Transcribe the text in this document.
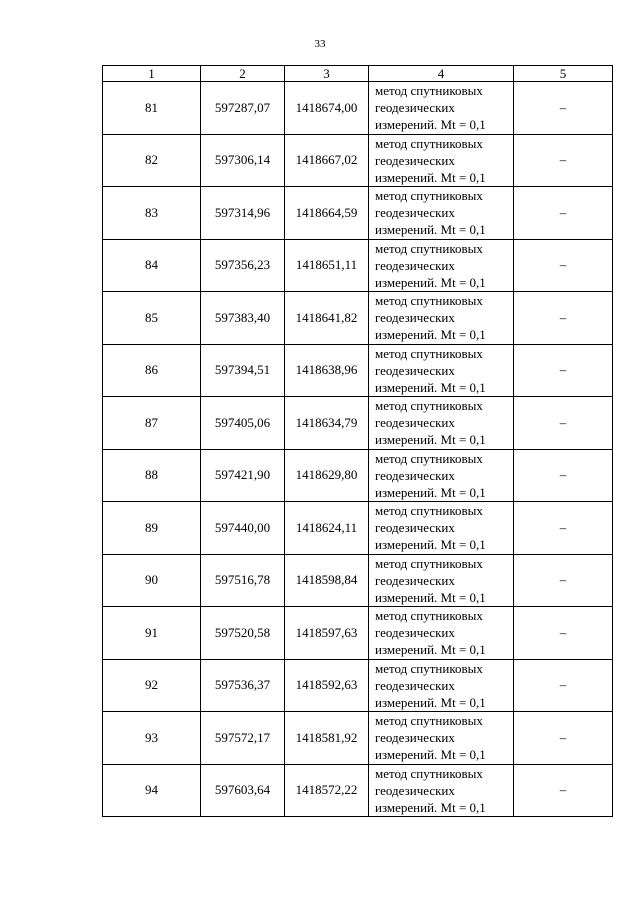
33
1	2	3	4	5
81	597287,07	1418674,00	метод спутниковых
геодезических
измерений. Mt = 0,1	–
82	597306,14	1418667,02	метод спутниковых
геодезических
измерений. Mt = 0,1	–
83	597314,96	1418664,59	метод спутниковых
геодезических
измерений. Mt = 0,1	–
84	597356,23	1418651,11	метод спутниковых
геодезических
измерений. Mt = 0,1	–
85	597383,40	1418641,82	метод спутниковых
геодезических
измерений. Mt = 0,1	–
86	597394,51	1418638,96	метод спутниковых
геодезических
измерений. Mt = 0,1	–
87	597405,06	1418634,79	метод спутниковых
геодезических
измерений. Mt = 0,1	–
88	597421,90	1418629,80	метод спутниковых
геодезических
измерений. Mt = 0,1	–
89	597440,00	1418624,11	метод спутниковых
геодезических
измерений. Mt = 0,1	–
90	597516,78	1418598,84	метод спутниковых
геодезических
измерений. Mt = 0,1	–
91	597520,58	1418597,63	метод спутниковых
геодезических
измерений. Mt = 0,1	–
92	597536,37	1418592,63	метод спутниковых
геодезических
измерений. Mt = 0,1	–
93	597572,17	1418581,92	метод спутниковых
геодезических
измерений. Mt = 0,1	–
94	597603,64	1418572,22	метод спутниковых
геодезических
измерений. Mt = 0,1	–
